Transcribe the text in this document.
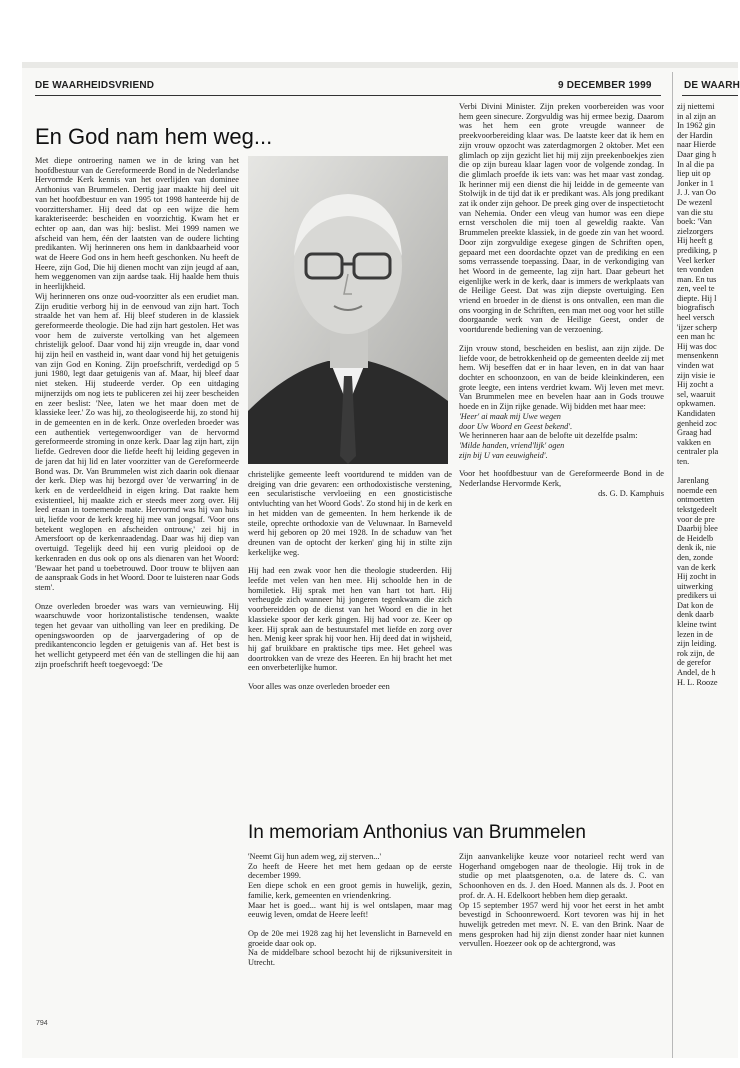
DE WAARHEIDSVRIEND	9 DECEMBER 1999	DE WAARH
En God nam hem weg...

Met diepe ontroering namen we in de kring van het hoofdbestuur van de Gereformeerde Bond in de Nederlandse Hervormde Kerk kennis van het overlijden van dominee Anthonius van Brummelen. Dertig jaar maakte hij deel uit van het hoofdbestuur en van 1995 tot 1998 hanteerde hij de voorzittershamer. Hij deed dat op een wijze die hem karakteriseerde: bescheiden en voorzichtig. Kwam het er echter op aan, dan was hij: beslist. Mei 1999 namen we afscheid van hem, één der laatsten van de oudere lichting predikanten. Wij herinneren ons hem in dankbaarheid voor wat de Heere God ons in hem heeft geschonken. Nu heeft de Heere, zijn God, Die hij dienen mocht van zijn jeugd af aan, hem weggenomen van zijn aardse taak. Hij haalde hem thuis in heerlijkheid.

Wij herinneren ons onze oud-voorzitter als een erudiet man. Zijn eruditie verborg hij in de eenvoud van zijn hart. Toch straalde het van hem af. Hij bleef studeren in de klassiek gereformeerde theologie. Die had zijn hart gestolen. Het was voor hem de zuiverste vertolking van het algemeen christelijk geloof. Daar vond hij zijn vreugde in, daar vond hij zijn heil en vastheid in, want daar vond hij het getuigenis van zijn God en Koning. Zijn proefschrift, verdedigd op 5 juni 1980, legt daar getuigenis van af. Maar, hij bleef daar niet steken. Hij studeerde verder. Op een uitdaging mijnerzijds om nog iets te publiceren zei hij zeer bescheiden en zeer beslist: 'Nee, laten we het maar doen met de klassieke leer.' Zo was hij, zo theologiseerde hij, zo stond hij in de gemeenten en in de kerk. Onze overleden broeder was een authentiek vertegenwoordiger van de hervormd gereformeerde stroming in onze kerk. Daar lag zijn hart, zijn liefde. Gedreven door die liefde heeft hij leiding gegeven in de jaren dat hij lid en later voorzitter van de Gereformeerde Bond was. Dr. Van Brummelen wist zich daarin ook dienaar der kerk. Diep was hij bezorgd over 'de verwarring' in de kerk en de verdeeldheid in eigen kring. Dat raakte hem existentieel, hij maakte zich er steeds meer zorg over. Hij leed eraan in toenemende mate. Hervormd was hij van huis uit, liefde voor de kerk kreeg hij mee van jongsaf. 'Voor ons betekent weglopen en afscheiden ontrouw,' zei hij in Amersfoort op de kerkenraadendag. Daar was hij diep van overtuigd. Tegelijk deed hij een vurig pleidooi op de kerkenraden en dus ook op ons als dienaren van het Woord: 'Bewaar het pand u toebetrouwd. Door trouw te blijven aan de aanspraak Gods in het Woord. Door te luisteren naar Gods stem'.

Onze overleden broeder was wars van vernieuwing. Hij waarschuwde voor horizontalistische tendensen, waakte tegen het gevaar van uitholling van leer en prediking. De openingswoorden op de jaarvergadering of op de predikantenconcio legden er getuigenis van af. Het best is het wellicht getypeerd met één van de stellingen die hij aan zijn proefschrift heeft toegevoegd: 'De

christelijke gemeente leeft voortdurend te midden van de dreiging van drie gevaren: een orthodoxistische verstening, een secularistische vervloeiing en een gnosticistische ontvluchting van het Woord Gods'. Zo stond hij in de kerk en in het midden van de gemeenten. In hem herkende ik de steile, oprechte orthodoxie van de Veluwnaar. In Barneveld werd hij geboren op 20 mei 1928. In de schaduw van 'het dreunen van de optocht der kerken' ging hij in stilte zijn kerkelijke weg.

Hij had een zwak voor hen die theologie studeerden. Hij leefde met velen van hen mee. Hij schoolde hen in de homiletiek. Hij sprak met hen van hart tot hart. Hij verheugde zich wanneer hij jongeren tegenkwam die zich voorbereidden op de dienst van het Woord en die in het klassieke spoor der kerk gingen. Hij had voor ze. Keer op keer. Hij sprak aan de bestuurstafel met liefde en zorg over hen. Menig keer sprak hij voor hen. Hij deed dat in wijsheid, hij gaf bruikbare en praktische tips mee. Het geheel was doortrokken van de vreze des Heeren. En hij bracht het met een onverbeterlijke humor.

Voor alles was onze overleden broeder een

Verbi Divini Minister. Zijn preken voorbereiden was voor hem geen sinecure. Zorgvuldig was hij ermee bezig. Daarom was het hem een grote vreugde wanneer de preekvoorbereiding klaar was. De laatste keer dat ik hem en zijn vrouw opzocht was zaterdagmorgen 2 oktober. Met een glimlach op zijn gezicht liet hij mij zijn preekenboekjes zien die op zijn bureau klaar lagen voor de volgende zondag. In die glimlach proefde ik iets van: was het maar vast zondag. Ik herinner mij een dienst die hij leidde in de gemeente van Stolwijk in de tijd dat ik er predikant was. Als jong predikant zat ik onder zijn gehoor. De preek ging over de inspectietocht van Nehemia. Onder een vleug van humor was een diepe ernst verscholen die mij toen al geweldig raakte. Van Brummelen preekte klassiek, in de goede zin van het woord. Door zijn zorgvuldige exegese gingen de Schriften open, gepaard met een doordachte opzet van de prediking en een soms verrassende toepassing. Daar, in de verkondiging van het Woord in de gemeente, lag zijn hart. Daar gebeurt het eigenlijke werk in de kerk, daar is immers de werkplaats van de Heilige Geest. Dat was zijn diepste overtuiging. Een vriend en broeder in de dienst is ons ontvallen, een man die ons voorging in de Schriften, een man met oog voor het stille doorgaande werk van de Heilige Geest, onder de voortdurende bediening van de verzoening.

Zijn vrouw stond, bescheiden en beslist, aan zijn zijde. De liefde voor, de betrokkenheid op de gemeenten deelde zij met hem. Wij beseffen dat er in haar leven, en in dat van haar dochter en schoonzoon, en van de beide kleinkinderen, een grote leegte, een intens verdriet kwam. Wij leven met mevr. Van Brummelen mee en bevelen haar aan in Gods trouwe hoede en in Zijn rijke genade. Wij bidden met haar mee:

'Heer' ai maak mij Uwe wegen

door Uw Woord en Geest bekend'.

We herinneren haar aan de belofte uit dezelfde psalm:

'Milde handen, vriend'lijk' ogen

zijn bij U van eeuwigheid'.

Voor het hoofdbestuur van de Gereformeerde Bond in de Nederlandse Hervormde Kerk,

ds. G. D. Kamphuis

In memoriam Anthonius van Brummelen

'Neemt Gij hun adem weg, zij sterven...'

Zo heeft de Heere het met hem gedaan op de eerste december 1999.

Een diepe schok en een groot gemis in huwelijk, gezin, familie, kerk, gemeenten en vriendenkring.

Maar het is goed... want hij is wel ontslapen, maar mag eeuwig leven, omdat de Heere leeft!

Op de 20e mei 1928 zag hij het levenslicht in Barneveld en groeide daar ook op.

Na de middelbare school bezocht hij de rijksuniversiteit in Utrecht.

Zijn aanvankelijke keuze voor notarieel recht werd van Hogerhand omgebogen naar de theologie. Hij trok in de studie op met plaatsgenoten, o.a. de latere ds. C. van Schoonhoven en ds. J. den Hoed. Mannen als ds. J. Poot en prof. dr. A. H. Edelkoort hebben hem diep geraakt.

Op 15 september 1957 werd hij voor het eerst in het ambt bevestigd in Schoonrewoerd. Kort tevoren was hij in het huwelijk getreden met mevr. N. E. van den Brink. Naar de mens gesproken had hij zijn dienst zonder haar niet kunnen vervullen. Hoezeer ook op de achtergrond, was

zij niettemi
in al zijn an
In 1962 gin
der Hardin
naar Hierde
Daar ging h
In al die pa
liep uit op
Jonker in 1
J. J. van Oo
De wezenl
van die stu
boek: 'Van
zielzorgers
Hij heeft g
prediking, p
Veel kerker
ten vonden
man. En tus
zen, veel te
diepte. Hij l
biografisch
heel versch
'ijzer scherp
een man hc
Hij was doc
mensenkenn
vinden wat
zijn visie ie
Hij zocht a
sel, waaruit
opkwamen.
Kandidaten
genheid zoc
Graag had
vakken en
centraler pla
ten.

Jarenlang
noemde een
ontmoetten
tekstgedeelt
voor de pre
Daarbij blee
de Heidelb
denk ik, nie
den, zonde
van de kerk
Hij zocht in
uitwerking
predikers ui
Dat kon de
denk daarb
kleine twint
lezen in de
zijn leiding.
rok zijn, de
de gerefor
Andel, de h
H. L. Rooze
794
